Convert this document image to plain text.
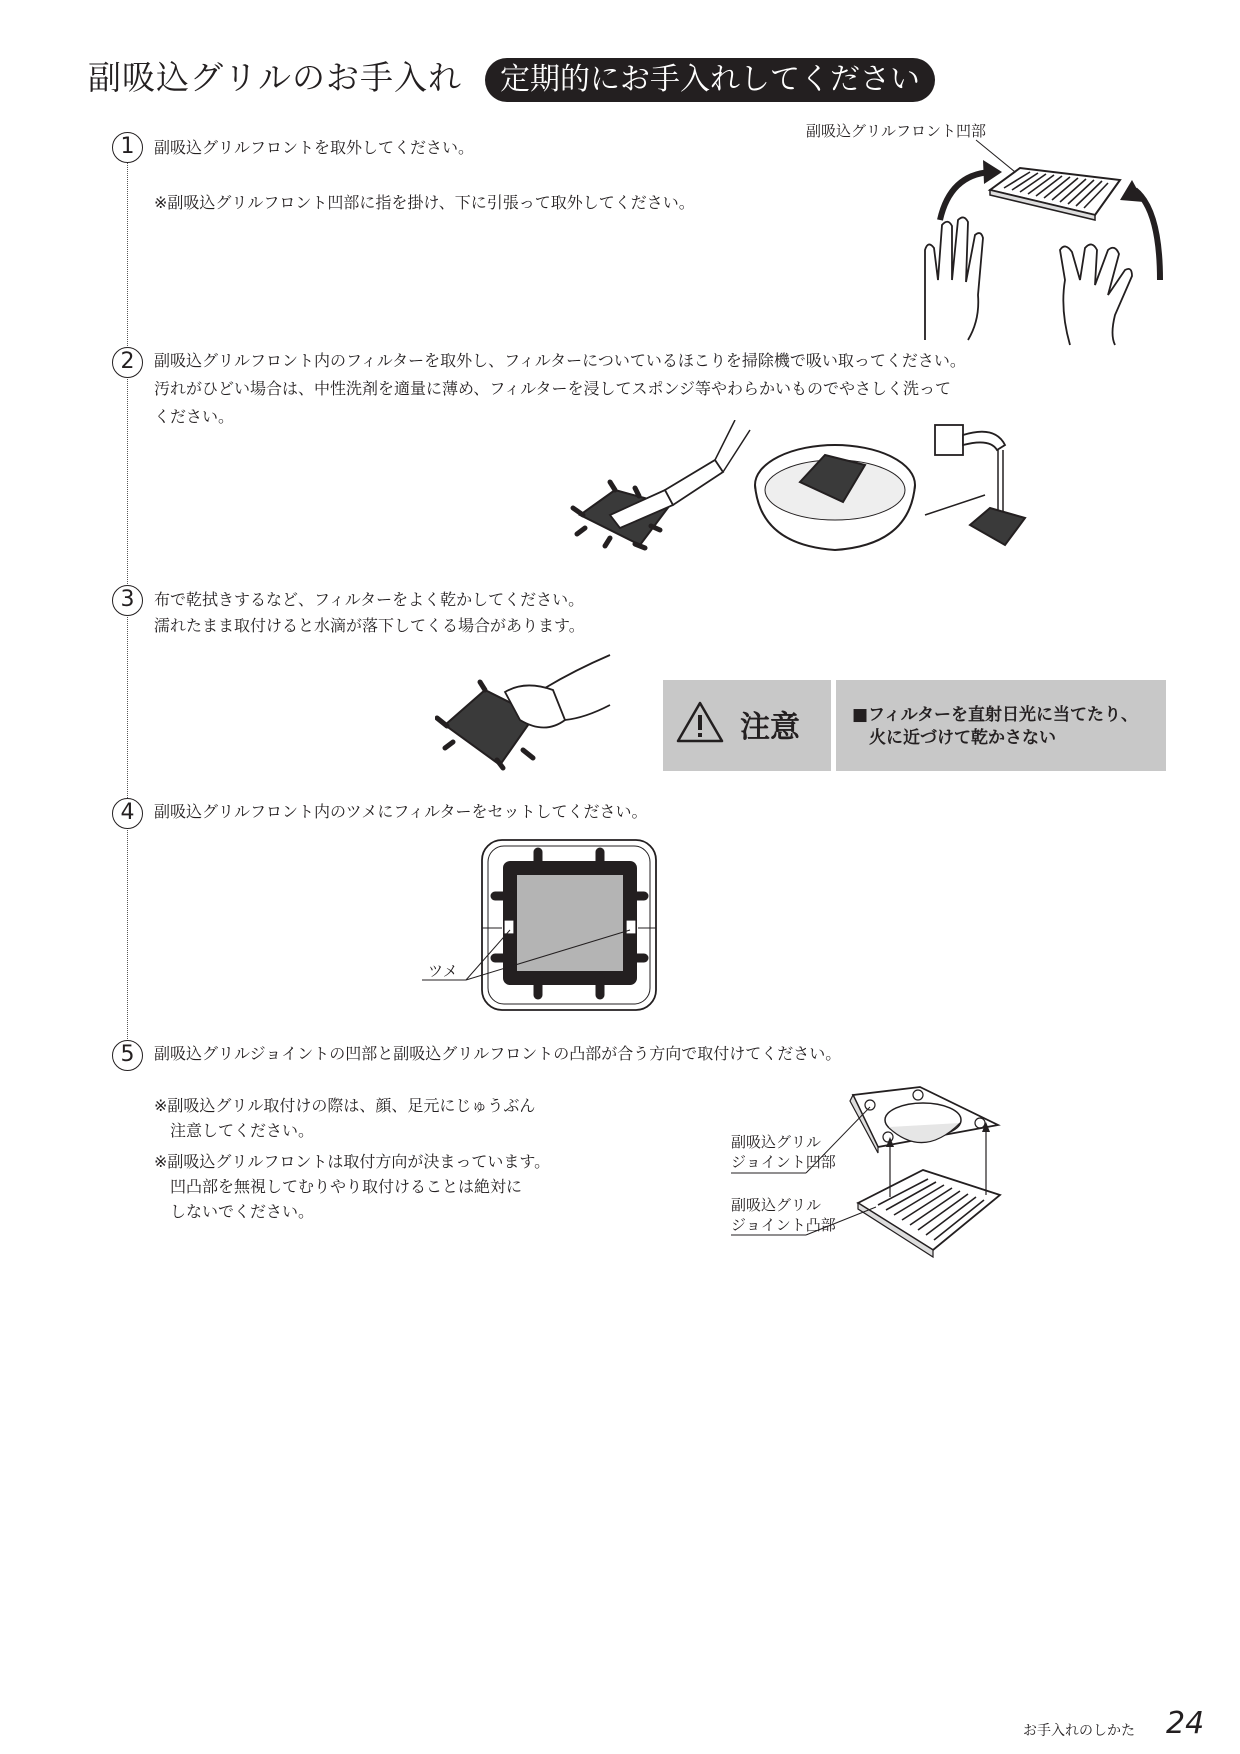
副吸込グリルのお手入れ	定期的にお手入れしてください
1	副吸込グリルフロントを取外してください。
※副吸込グリルフロント凹部に指を掛け、下に引張って取外してください。
副吸込グリルフロント凹部
2	副吸込グリルフロント内のフィルターを取外し、フィルターについているほこりを掃除機で吸い取ってください。
汚れがひどい場合は、中性洗剤を適量に薄め、フィルターを浸してスポンジ等やわらかいものでやさしく洗って
ください。
3	布で乾拭きするなど、フィルターをよく乾かしてください。
濡れたまま取付けると水滴が落下してくる場合があります。
注意	■フィルターを直射日光に当てたり、
　火に近づけて乾かさない
4	副吸込グリルフロント内のツメにフィルターをセットしてください。
ツメ
5	副吸込グリルジョイントの凹部と副吸込グリルフロントの凸部が合う方向で取付けてください。
※副吸込グリル取付けの際は、顔、足元にじゅうぶん
　注意してください。
※副吸込グリルフロントは取付方向が決まっています。
　凹凸部を無視してむりやり取付けることは絶対に
　しないでください。
副吸込グリル
ジョイント凹部
副吸込グリル
ジョイント凸部
お手入れのしかた 24
